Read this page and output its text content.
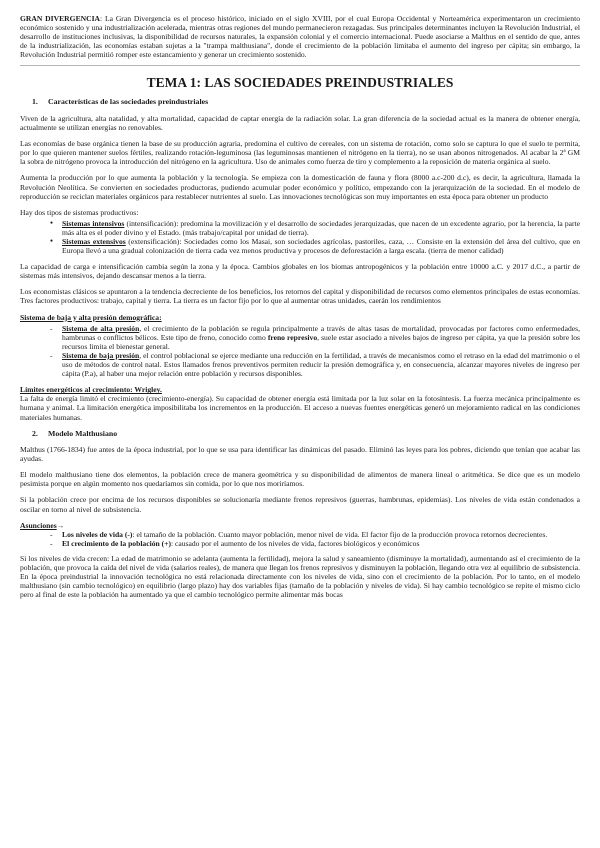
GRAN DIVERGENCIA: La Gran Divergencia es el proceso histórico, iniciado en el siglo XVIII, por el cual Europa Occidental y Norteamérica experimentaron un crecimiento económico sostenido y una industrialización acelerada, mientras otras regiones del mundo permanecieron rezagadas. Sus principales determinantes incluyen la Revolución Industrial, el desarrollo de instituciones inclusivas, la disponibilidad de recursos naturales, la expansión colonial y el comercio internacional. Puede asociarse a Malthus en el sentido de que, antes de la industrialización, las economías estaban sujetas a la "trampa malthusiana", donde el crecimiento de la población limitaba el aumento del ingreso per cápita; sin embargo, la Revolución Industrial permitió romper este estancamiento y generar un crecimiento sostenido.

TEMA 1: LAS SOCIEDADES PREINDUSTRIALES
1. Características de las sociedades preindustriales

Viven de la agricultura, alta natalidad, y alta mortalidad, capacidad de captar energía de la radiación solar. La gran diferencia de la sociedad actual es la manera de obtener energía, actualmente se utilizan energías no renovables.

Las economías de base orgánica tienen la base de su producción agraria, predomina el cultivo de cereales, con un sistema de rotación, como solo se captura lo que el suelo te permita, por lo que quieren mantener suelos fértiles, realizando rotación-leguminosa (las leguminosas mantienen el nitrógeno en la tierra), no se usan abonos nitrogenados. Al acabar la 2ª GM la sobra de nitrógeno provoca la introducción del nitrógeno en la agricultura. Uso de animales como fuerza de tiro y complemento a la reposición de materia orgánica al suelo.

Aumenta la producción por lo que aumenta la población y la tecnología. Se empieza con la domesticación de fauna y flora (8000 a.c-200 d.c), es decir, la agricultura, llamada la Revolución Neolítica. Se convierten en sociedades productoras, pudiendo acumular poder económico y político, empezando con la jerarquización de la sociedad. En el modelo de reproducción se reciclan materiales orgánicos para restablecer nutrientes al suelo. Las innovaciones tecnológicas son muy importantes en esta época para obtener un producto

Hay dos tipos de sistemas productivos:

● Sistemas intensivos (intensificación): predomina la movilización y el desarrollo de sociedades jerarquizadas, que nacen de un excedente agrario, por la herencia, la parte más alta es el poder divino y el Estado. (más trabajo/capital por unidad de tierra).
● Sistemas extensivos (extensificación): Sociedades como los Masai, son sociedades agrícolas, pastoriles, caza, … Consiste en la extensión del área del cultivo, que en Europa llevó a una gradual colonización de tierra cada vez menos productiva y procesos de deforestación a larga escala. (tierra de menor calidad)

La capacidad de carga e intensificación cambia según la zona y la época. Cambios globales en los biomas antropogénicos y la población entre 10000 a.C. y 2017 d.C., a partir de sistemas más intensivos, dejando descansar menos a la tierra.

Los economistas clásicos se apuntaron a la tendencia decreciente de los beneficios, los retornos del capital y disponibilidad de recursos como elementos principales de estas economías. Tres factores productivos: trabajo, capital y tierra. La tierra es un factor fijo por lo que al aumentar otras unidades, caerán los rendimientos

Sistema de baja y alta presión demográfica:

- Sistema de alta presión, el crecimiento de la población se regula principalmente a través de altas tasas de mortalidad, provocadas por factores como enfermedades, hambrunas o conflictos bélicos. Este tipo de freno, conocido como freno represivo, suele estar asociado a niveles bajos de ingreso per cápita, ya que la presión sobre los recursos limita el bienestar general.
- Sistema de baja presión, el control poblacional se ejerce mediante una reducción en la fertilidad, a través de mecanismos como el retraso en la edad del matrimonio o el uso de métodos de control natal. Estos llamados frenos preventivos permiten reducir la presión demográfica y, en consecuencia, alcanzar mayores niveles de ingreso per cápita (P.a), al haber una mejor relación entre población y recursos disponibles.

Límites energéticos al crecimiento: Wrigley.

La falta de energía limitó el crecimiento (crecimiento-energía). Su capacidad de obtener energía está limitada por la luz solar en la fotosíntesis. La fuerza mecánica principalmente es humana y animal. La limitación energética imposibilitaba los incrementos en la producción. El acceso a nuevas fuentes energéticas generó un mejoramiento radical en las condiciones materiales humanas.

2. Modelo Malthusiano

Malthus (1766-1834) fue antes de la época industrial, por lo que se usa para identificar las dinámicas del pasado. Eliminó las leyes para los pobres, diciendo que tenían que acabar las ayudas.

El modelo malthusiano tiene dos elementos, la población crece de manera geométrica y su disponibilidad de alimentos de manera lineal o aritmética. Se dice que es un modelo pesimista porque en algún momento nos quedaríamos sin comida, por lo que nos moriríamos.

Si la población crece por encima de los recursos disponibles se solucionaría mediante frenos represivos (guerras, hambrunas, epidemias). Los niveles de vida están condenados a oscilar en torno al nivel de subsistencia.

Asunciones→

- Los niveles de vida (-): el tamaño de la población. Cuanto mayor población, menor nivel de vida. El factor fijo de la producción provoca retornos decrecientes.
- El crecimiento de la población (+): causado por el aumento de los niveles de vida, factores biológicos y económicos

Si los niveles de vida crecen: La edad de matrimonio se adelanta (aumenta la fertilidad), mejora la salud y saneamiento (disminuye la mortalidad), aumentando así el crecimiento de la población, que provoca la caída del nivel de vida (salarios reales), de manera que llegan los frenos represivos y disminuyen la población, llegando otra vez al equilibrio de subsistencia. En la época preindustrial la innovación tecnológica no está relacionada directamente con los niveles de vida, sino con el crecimiento de la población. Por lo tanto, en el modelo malthusiano (sin cambio tecnológico) en equilibrio (largo plazo) hay dos variables fijas (tamaño de la población y niveles de vida). Si hay cambio tecnológico se repite el mismo ciclo pero al final de este la población ha aumentado ya que el cambio tecnológico permite alimentar más bocas
